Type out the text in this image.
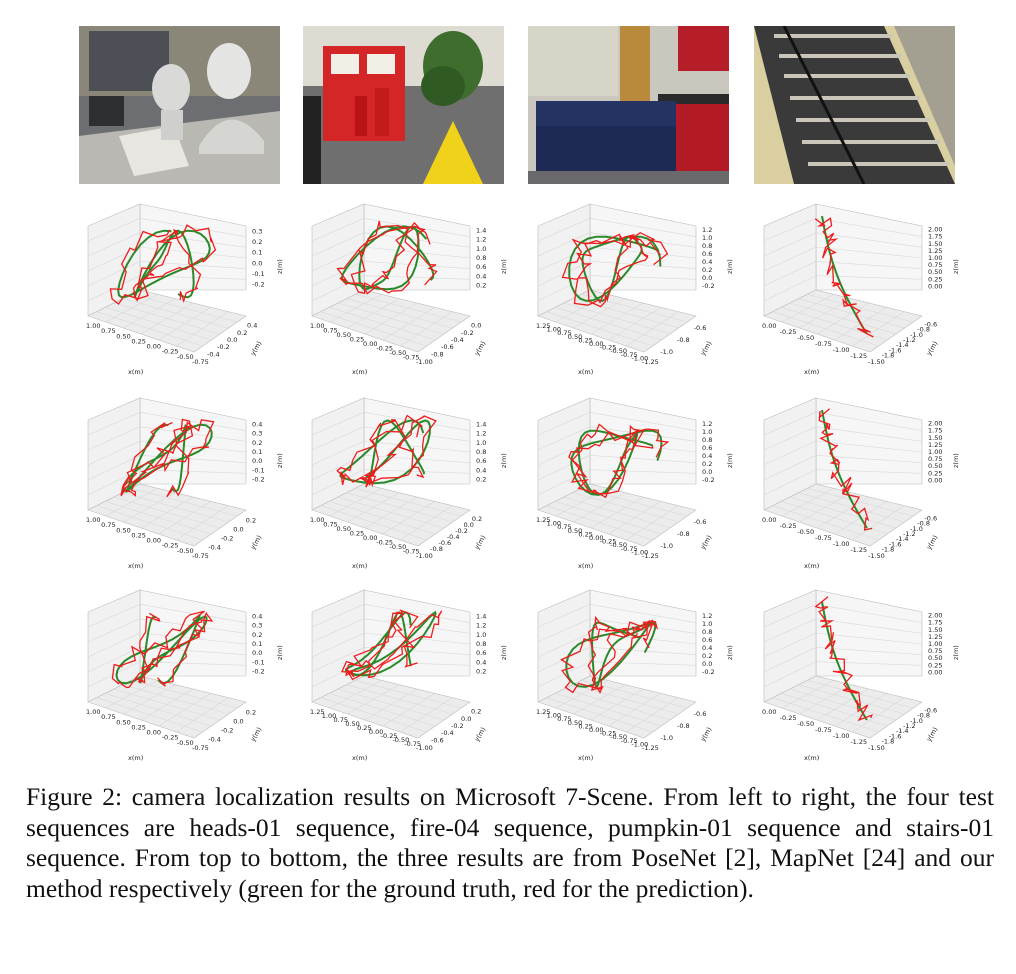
0.3
0.2
0.1
0.0
-0.1
-0.2
z(m)
1.00
0.75
0.50
0.25
0.00
-0.25
-0.50
-0.75
x(m)
-0.4
-0.2
0.0
0.2
0.4
y(m)
1.4
1.2
1.0
0.8
0.6
0.4
0.2
z(m)
1.00
0.75
0.50
0.25
0.00
-0.25
-0.50
-0.75
-1.00
x(m)
-0.8
-0.6
-0.4
-0.2
0.0
y(m)
1.2
1.0
0.8
0.6
0.4
0.2
0.0
-0.2
z(m)
1.25
1.00
0.75
0.50
0.25
0.00
-0.25
-0.50
-0.75
-1.00
-1.25
x(m)
-1.0
-0.8
-0.6
y(m)
2.00
1.75
1.50
1.25
1.00
0.75
0.50
0.25
0.00
z(m)
0.00
-0.25
-0.50
-0.75
-1.00
-1.25
-1.50
x(m)
-1.8
-1.6
-1.4
-1.2
-1.0
-0.8
-0.6
y(m)
0.4
0.3
0.2
0.1
0.0
-0.1
-0.2
z(m)
1.00
0.75
0.50
0.25
0.00
-0.25
-0.50
-0.75
x(m)
-0.4
-0.2
0.0
0.2
y(m)
1.4
1.2
1.0
0.8
0.6
0.4
0.2
z(m)
1.00
0.75
0.50
0.25
0.00
-0.25
-0.50
-0.75
-1.00
x(m)
-0.8
-0.6
-0.4
-0.2
0.0
0.2
y(m)
1.2
1.0
0.8
0.6
0.4
0.2
0.0
-0.2
z(m)
1.25
1.00
0.75
0.50
0.25
0.00
-0.25
-0.50
-0.75
-1.00
-1.25
x(m)
-1.0
-0.8
-0.6
y(m)
2.00
1.75
1.50
1.25
1.00
0.75
0.50
0.25
0.00
z(m)
0.00
-0.25
-0.50
-0.75
-1.00
-1.25
-1.50
x(m)
-1.8
-1.6
-1.4
-1.2
-1.0
-0.8
-0.6
y(m)
0.4
0.3
0.2
0.1
0.0
-0.1
-0.2
z(m)
1.00
0.75
0.50
0.25
0.00
-0.25
-0.50
-0.75
x(m)
-0.4
-0.2
0.0
0.2
y(m)
1.4
1.2
1.0
0.8
0.6
0.4
0.2
z(m)
1.25
1.00
0.75
0.50
0.25
0.00
-0.25
-0.50
-0.75
-1.00
x(m)
-0.6
-0.4
-0.2
0.0
0.2
y(m)
1.2
1.0
0.8
0.6
0.4
0.2
0.0
-0.2
z(m)
1.25
1.00
0.75
0.50
0.25
0.00
-0.25
-0.50
-0.75
-1.00
-1.25
x(m)
-1.0
-0.8
-0.6
y(m)
2.00
1.75
1.50
1.25
1.00
0.75
0.50
0.25
0.00
z(m)
0.00
-0.25
-0.50
-0.75
-1.00
-1.25
-1.50
x(m)
-1.8
-1.6
-1.4
-1.2
-1.0
-0.8
-0.6
y(m)
Figure 2: camera localization results on Microsoft 7-Scene. From left to right, the four test sequences are heads-01 sequence, fire-04 sequence, pumpkin-01 sequence and stairs-01 sequence. From top to bottom, the three results are from PoseNet [2], MapNet [24] and our method respectively (green for the ground truth, red for the prediction).
